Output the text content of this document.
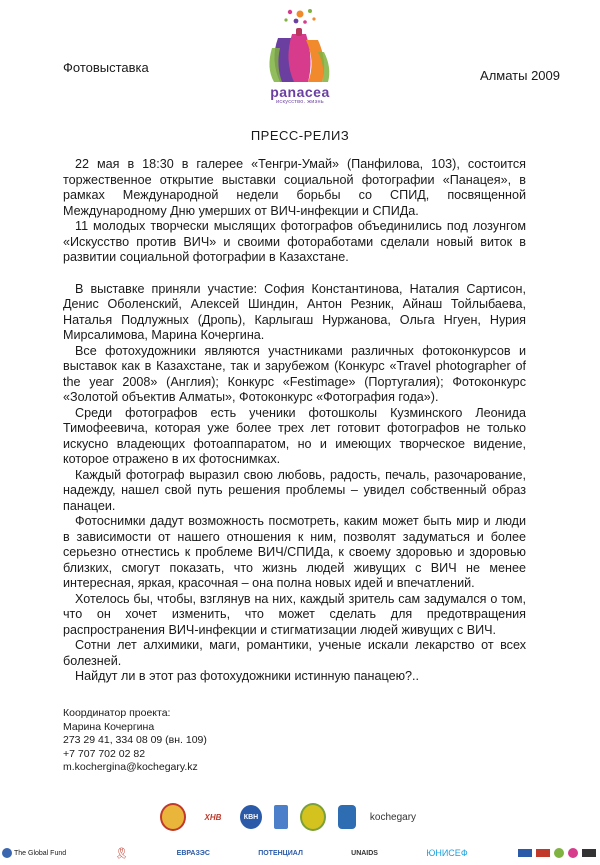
Фотовыставка
Алматы 2009
panacea
искусство. жизнь
ПРЕСС-РЕЛИЗ

22 мая в 18:30 в галерее «Тенгри-Умай» (Панфилова, 103), состоится торжественное открытие выставки социальной фотографии «Панацея», в рамках Международной недели борьбы со СПИД, посвященной Международному Дню умерших от ВИЧ-инфекции и СПИДа.

11 молодых творчески мыслящих фотографов объединились под лозунгом «Искусство против ВИЧ» и своими фотоработами сделали новый виток в развитии социальной фотографии в Казахстане.

В выставке приняли участие: София Константинова, Наталия Сартисон, Денис Оболенский, Алексей Шиндин, Антон Резник, Айнаш Тойлыбаева, Наталья Подлужных (Дропь), Карлыгаш Нуржанова, Ольга Нгуен, Нурия Мирсалимова, Марина Кочергина.

Все фотохудожники являются участниками различных фотоконкурсов и выставок как в Казахстане, так и зарубежом (Конкурс «Travel photographer of the year 2008» (Англия); Конкурс «Festimage» (Португалия); Фотоконкурс «Золотой объектив Алматы», Фотоконкурс «Фотография года»).

Среди фотографов есть ученики фотошколы Кузминского Леонида Тимофеевича, которая уже более трех лет готовит фотографов не только искусно владеющих фотоаппаратом, но и имеющих творческое видение, которое отражено в их фотоснимках.

Каждый фотограф выразил свою любовь, радость, печаль, разочарование, надежду, нашел свой путь решения проблемы – увидел собственный образ панацеи.

Фотоснимки дадут возможность посмотреть, каким может быть мир и люди в зависимости от нашего отношения к ним, позволят задуматься и более серьезно отнестись к проблеме ВИЧ/СПИДа, к своему здоровью и здоровью близких, смогут показать, что жизнь людей живущих с ВИЧ не менее интересная, яркая, красочная – она полна новых идей и впечатлений.

Хотелось бы, чтобы, взглянув на них, каждый зритель сам задумался о том, что он хочет изменить, что может сделать для предотвращения распространения ВИЧ-инфекции и стигматизации людей живущих с ВИЧ.

Сотни лет алхимики, маги, романтики, ученые искали лекарство от всех болезней.

Найдут ли в этот раз фотохудожники истинную панацею?..

Координатор проекта:
Марина Кочергина
273 29 41, 334 08 09 (вн. 109)
+7 707 702 02 82
m.kochergina@kochegary.kz
ХНВ	КВН	kochegary
The Global Fund	🎗	ЕВРАЗЭС	ПОТЕНЦИАЛ	UNAIDS	ЮНИСЕФ
